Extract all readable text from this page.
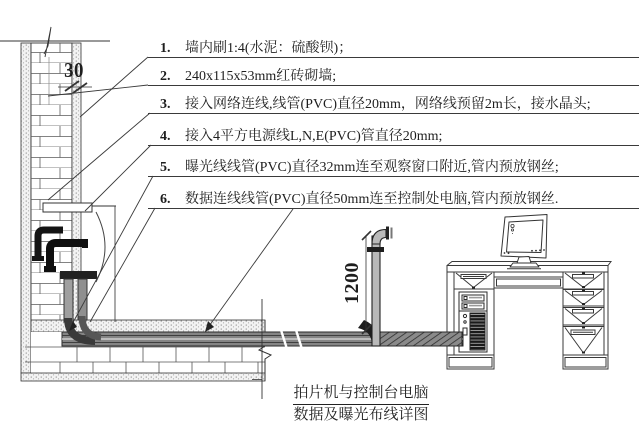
1.	墙内刷1:4(水泥：硫酸钡)；
2.	240x115x53mm红砖砌墙;
3.	接入网络连线,线管(PVC)直径20mm，网络线预留2m长，接水晶头;
4.	接入4平方电源线L,N,E(PVC)管直径20mm;
5.	曝光线线管(PVC)直径32mm连至观察窗口附近,管内预放钢丝;
6.	数据连线线管(PVC)直径50mm连至控制处电脑,管内预放钢丝.
30
1200
拍片机与控制台电脑
数据及曝光布线详图
